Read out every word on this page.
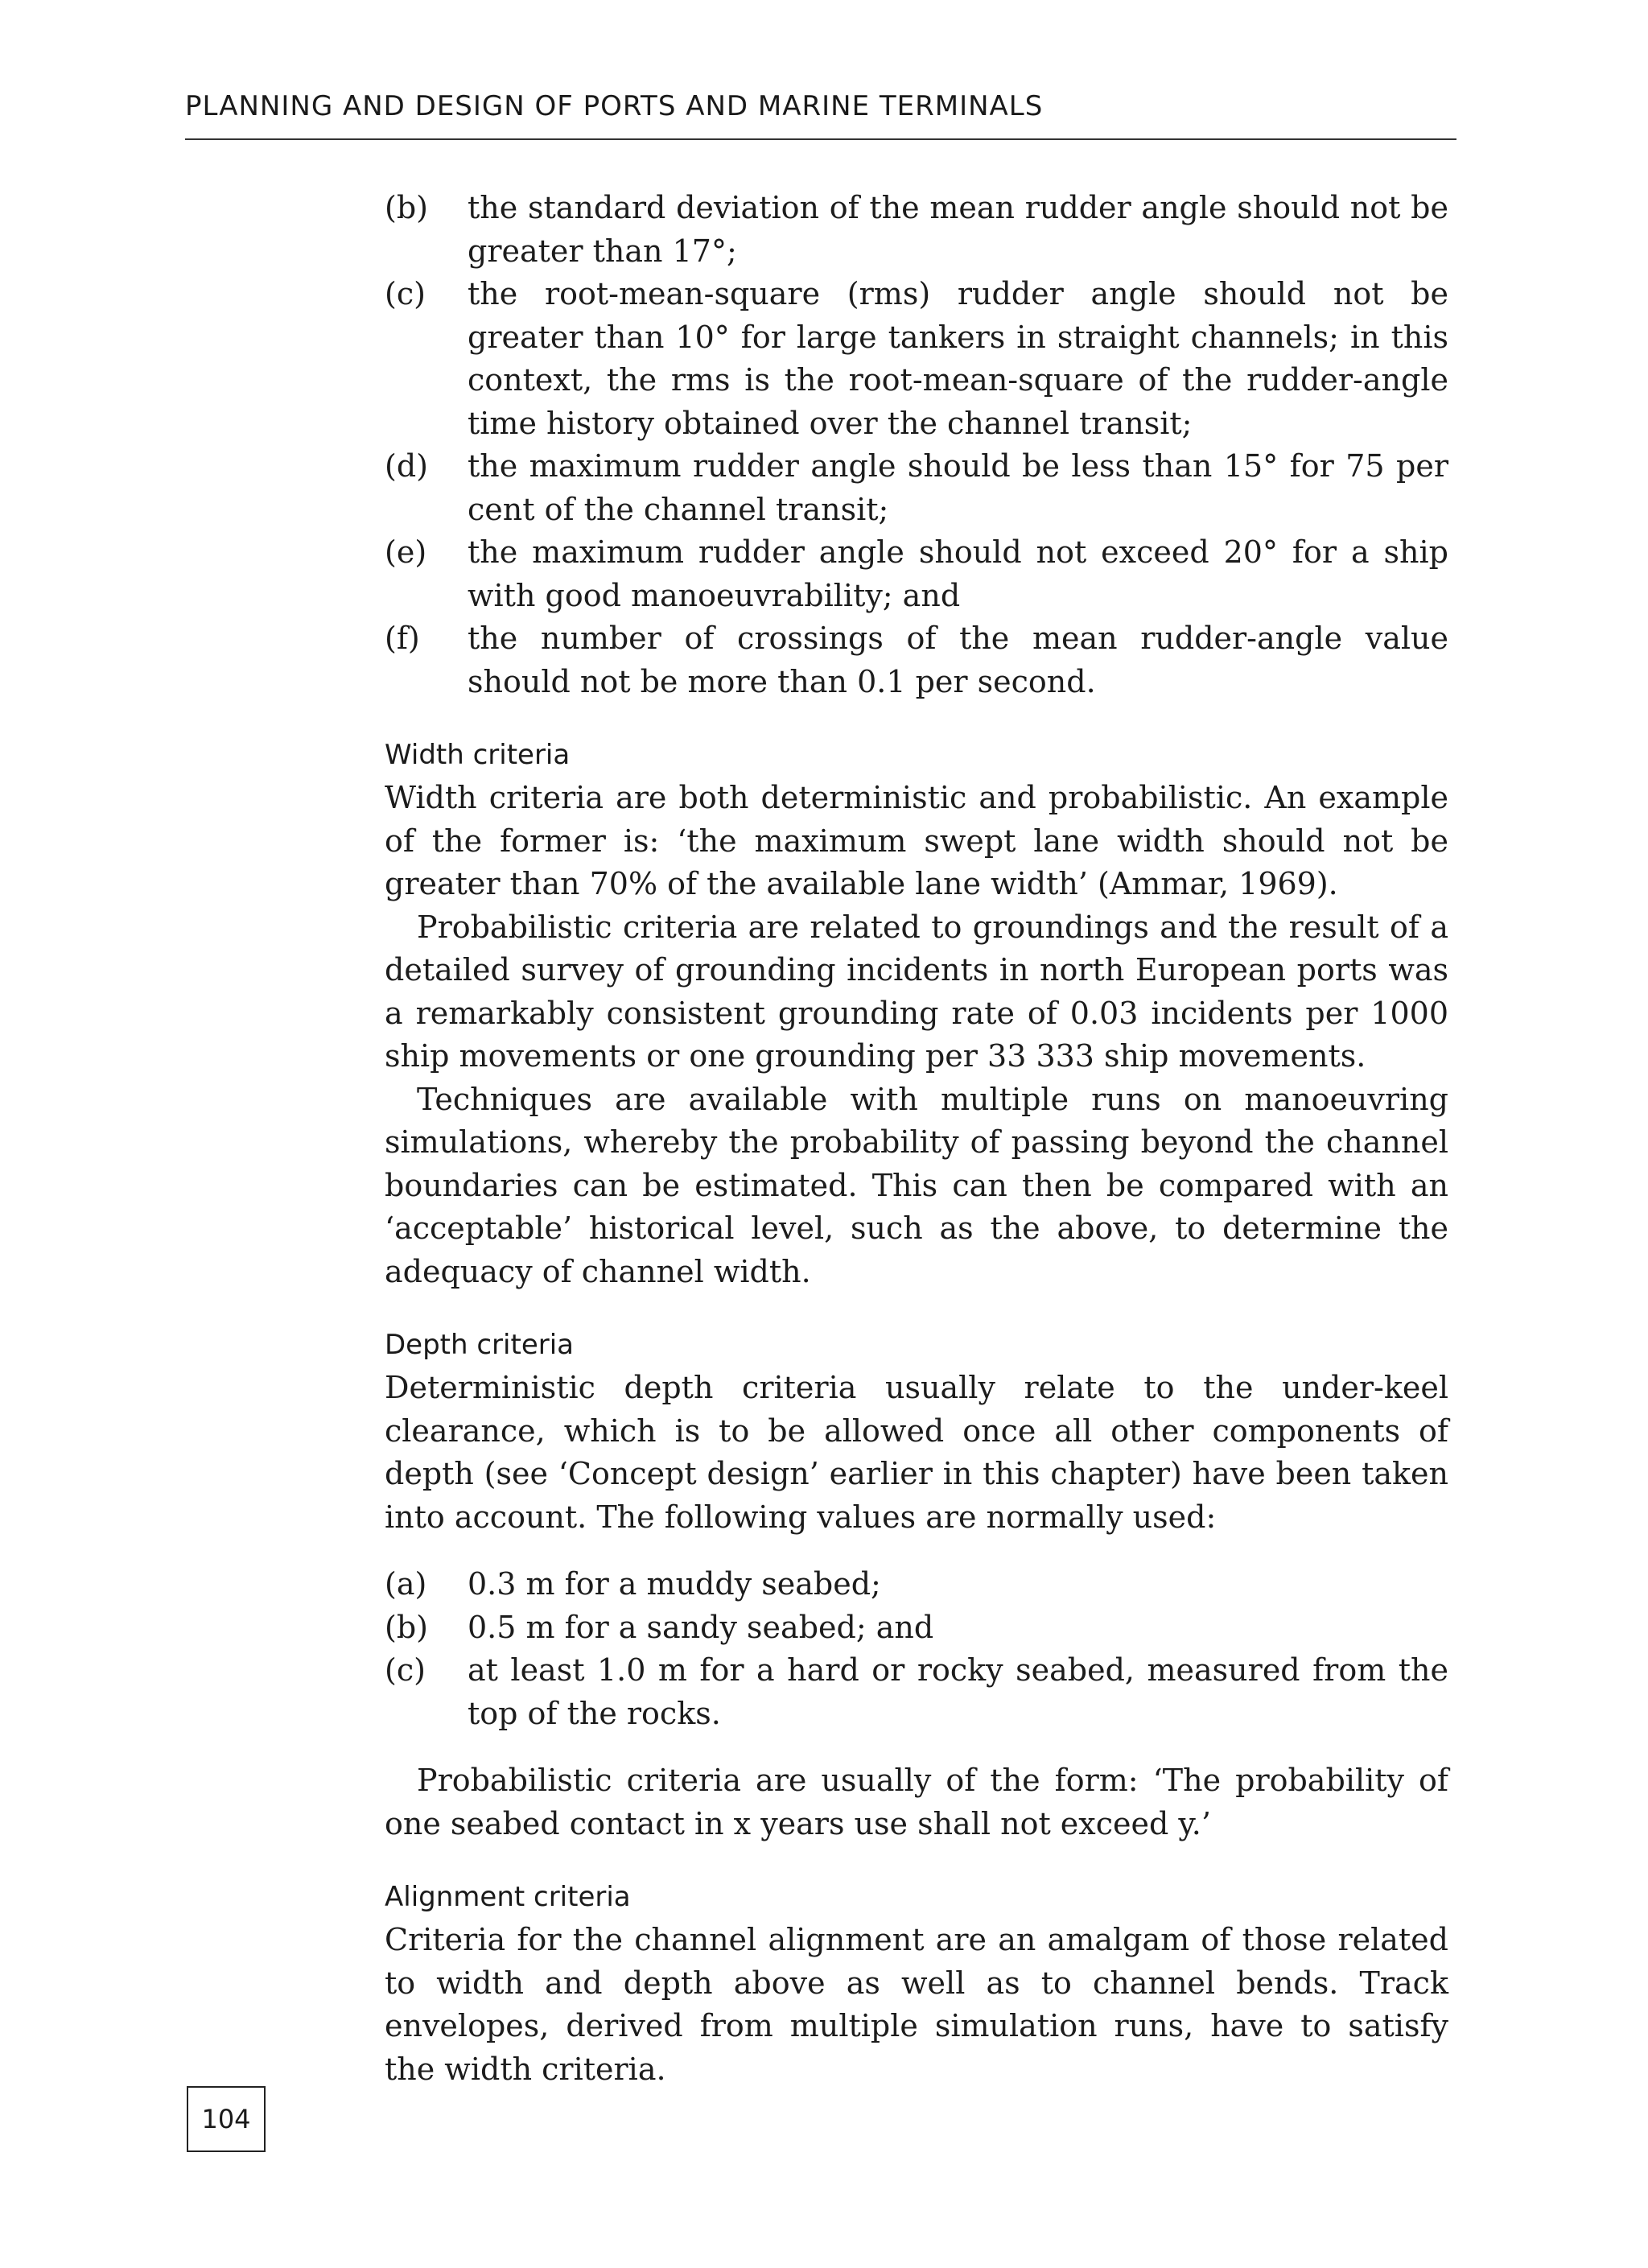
PLANNING AND DESIGN OF PORTS AND MARINE TERMINALS
(b) the standard deviation of the mean rudder angle should not be greater than 17°;
(c) the root-mean-square (rms) rudder angle should not be greater than 10° for large tankers in straight channels; in this context, the rms is the root-mean-square of the rudder-angle time history obtained over the channel transit;
(d) the maximum rudder angle should be less than 15° for 75 per cent of the channel transit;
(e) the maximum rudder angle should not exceed 20° for a ship with good manoeuvrability; and
(f) the number of crossings of the mean rudder-angle value should not be more than 0.1 per second.
Width criteria

Width criteria are both deterministic and probabilistic. An example of the former is: ‘the maximum swept lane width should not be greater than 70% of the available lane width’ (Ammar, 1969).

Probabilistic criteria are related to groundings and the result of a detailed survey of grounding incidents in north European ports was a remarkably consistent grounding rate of 0.03 incidents per 1000 ship movements or one grounding per 33 333 ship movements.

Techniques are available with multiple runs on manoeuvring simulations, whereby the probability of passing beyond the channel boundaries can be estimated. This can then be compared with an ‘acceptable’ historical level, such as the above, to determine the adequacy of channel width.

Depth criteria

Deterministic depth criteria usually relate to the under-keel clearance, which is to be allowed once all other components of depth (see ‘Concept design’ earlier in this chapter) have been taken into account. The following values are normally used:

(a) 0.3 m for a muddy seabed;
(b) 0.5 m for a sandy seabed; and
(c) at least 1.0 m for a hard or rocky seabed, measured from the top of the rocks.

Probabilistic criteria are usually of the form: ‘The probability of one seabed contact in x years use shall not exceed y.’

Alignment criteria

Criteria for the channel alignment are an amalgam of those related to width and depth above as well as to channel bends. Track envelopes, derived from multiple simulation runs, have to satisfy the width criteria.

104
